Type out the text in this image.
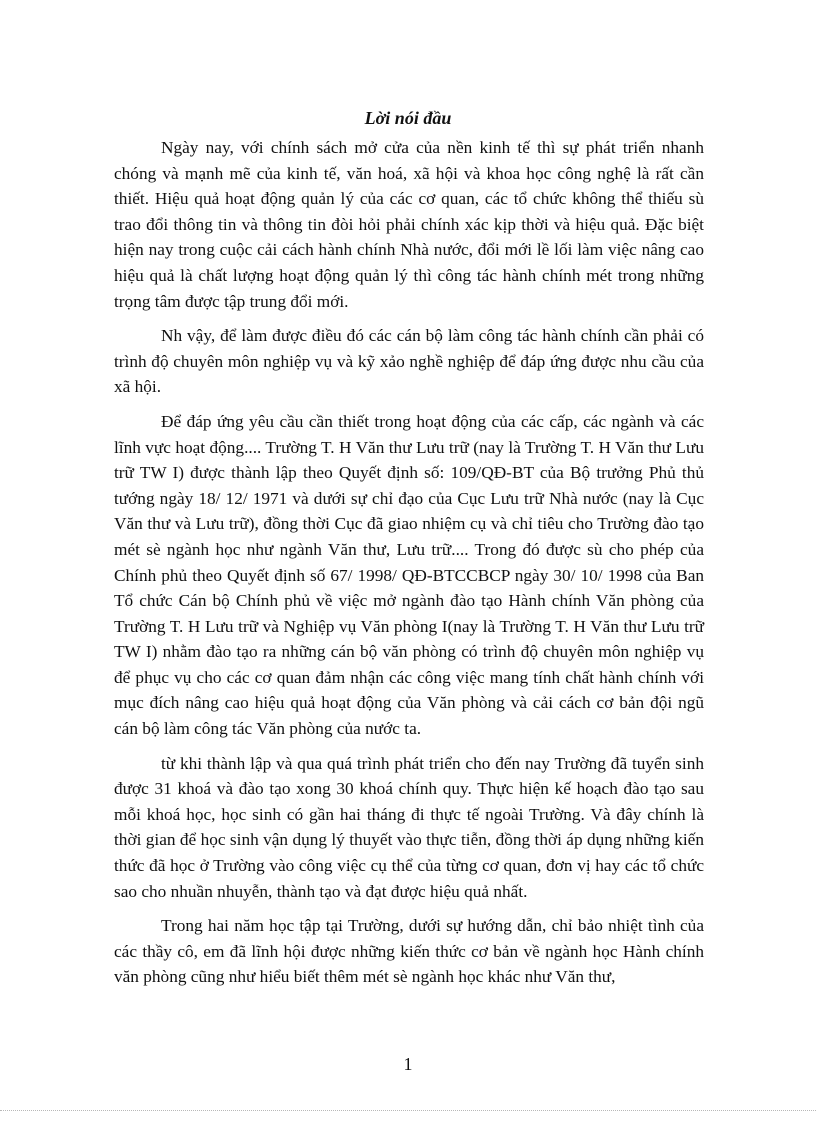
Lời nói đầu

Ngày nay, với chính sách mở cửa của nền kinh tế thì sự phát triển nhanh chóng và mạnh mẽ của kinh tế, văn hoá, xã hội và khoa học công nghệ là rất cần thiết. Hiệu quả hoạt động quản lý của các cơ quan, các tổ chức không thể thiếu sù trao đổi thông tin và thông tin đòi hỏi phải chính xác kịp thời và hiệu quả. Đặc biệt hiện nay trong cuộc cải cách hành chính Nhà nước, đổi mới lề lối làm việc nâng cao hiệu quả là chất lượng hoạt động quản lý thì công tác hành chính mét trong những trọng tâm được tập trung đổi mới.

Nh vậy, để làm được điều đó các cán bộ làm công tác hành chính cần phải có trình độ chuyên môn nghiệp vụ và kỹ xảo nghề nghiệp để đáp ứng được nhu cầu của xã hội.

Để đáp ứng yêu cầu cần thiết trong hoạt động của các cấp, các ngành và các lĩnh vực hoạt động.... Trường T. H Văn thư Lưu trữ (nay là Trường T. H Văn thư Lưu trữ TW I) được thành lập theo Quyết định số: 109/QĐ-BT của Bộ trưởng Phủ thủ tướng ngày 18/ 12/ 1971 và dưới sự chỉ đạo của Cục Lưu trữ Nhà nước (nay là Cục Văn thư và Lưu trữ), đồng thời Cục đã giao nhiệm cụ và chỉ tiêu cho Trường đào tạo mét sè ngành học như ngành Văn thư, Lưu trữ.... Trong đó được sù cho phép của Chính phủ theo Quyết định số 67/ 1998/ QĐ-BTCCBCP ngày 30/ 10/ 1998 của Ban Tổ chức Cán bộ Chính phủ về việc mở ngành đào tạo Hành chính Văn phòng của Trường T. H Lưu trữ và Nghiệp vụ Văn phòng I(nay là Trường T. H Văn thư Lưu trữ TW I) nhằm đào tạo ra những cán bộ văn phòng có trình độ chuyên môn nghiệp vụ để phục vụ cho các cơ quan đảm nhận các công việc mang tính chất hành chính với mục đích nâng cao hiệu quả hoạt động của Văn phòng và cải cách cơ bản đội ngũ cán bộ làm công tác Văn phòng của nước ta.

từ khi thành lập và qua quá trình phát triển cho đến nay Trường đã tuyển sinh được 31 khoá và đào tạo xong 30 khoá chính quy. Thực hiện kế hoạch đào tạo sau mỗi khoá học, học sinh có gần hai tháng đi thực tế ngoài Trường. Và đây chính là thời gian để học sinh vận dụng lý thuyết vào thực tiễn, đồng thời áp dụng những kiến thức đã học ở Trường vào công việc cụ thể của từng cơ quan, đơn vị hay các tổ chức sao cho nhuần nhuyễn, thành tạo và đạt được hiệu quả nhất.

Trong hai năm học tập tại Trường, dưới sự hướng dẫn, chỉ bảo nhiệt tình của các thầy cô, em đã lĩnh hội được những kiến thức cơ bản về ngành học Hành chính văn phòng cũng như hiểu biết thêm mét sè ngành học khác như Văn thư,

1
